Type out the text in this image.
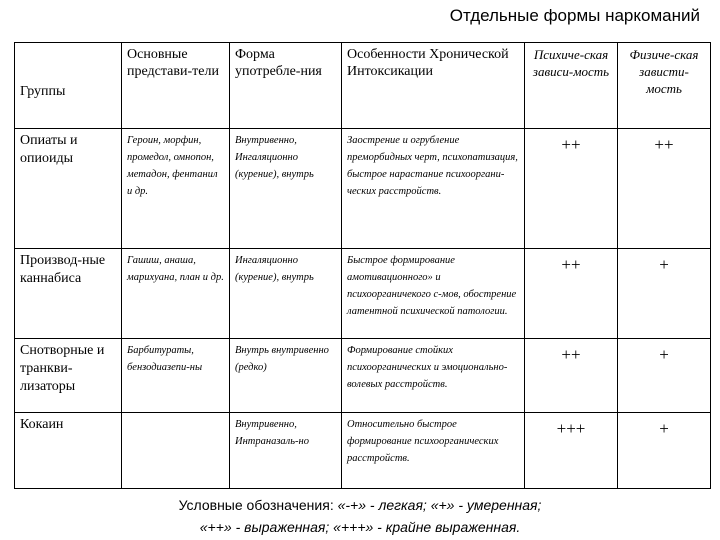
Отдельные формы наркоманий
Группы	Основные представи-тели	Форма употребле-ния	Особенности Хронической Интоксикации	Психиче-ская зависи-мость	Физиче-ская зависти-мость
Опиаты и опиоиды	Героин, морфин, промедол, омнопон, метадон, фентанил и др.	Внутривенно, Ингаляционно (курение), внутрь	Заострение и огрубление преморбидных черт, психопатизация, быстрое нарастание психооргани-ческих расстройств.	++	++
Производ-ные каннабиса	Гашиш, анаша, марихуана, план и др.	Ингаляционно (курение), внутрь	Быстрое формирование амотивационного» и психоорганичекого с-мов, обострение латентной психической патологии.	++	+
Снотворные и транкви-лизаторы	Барбитураты, бензодиазепи-ны	Внутрь внутривенно (редко)	Формирование стойких психоорганических и эмоционально-волевых расстройств.	++	+
Кокаин		Внутривенно, Интраназаль-но	Относительно быстрое формирование психоорганических расстройств.	+++	+
Условные обозначения: «-+» - легкая; «+» - умеренная;
«++» - выраженная; «+++» - крайне выраженная.
